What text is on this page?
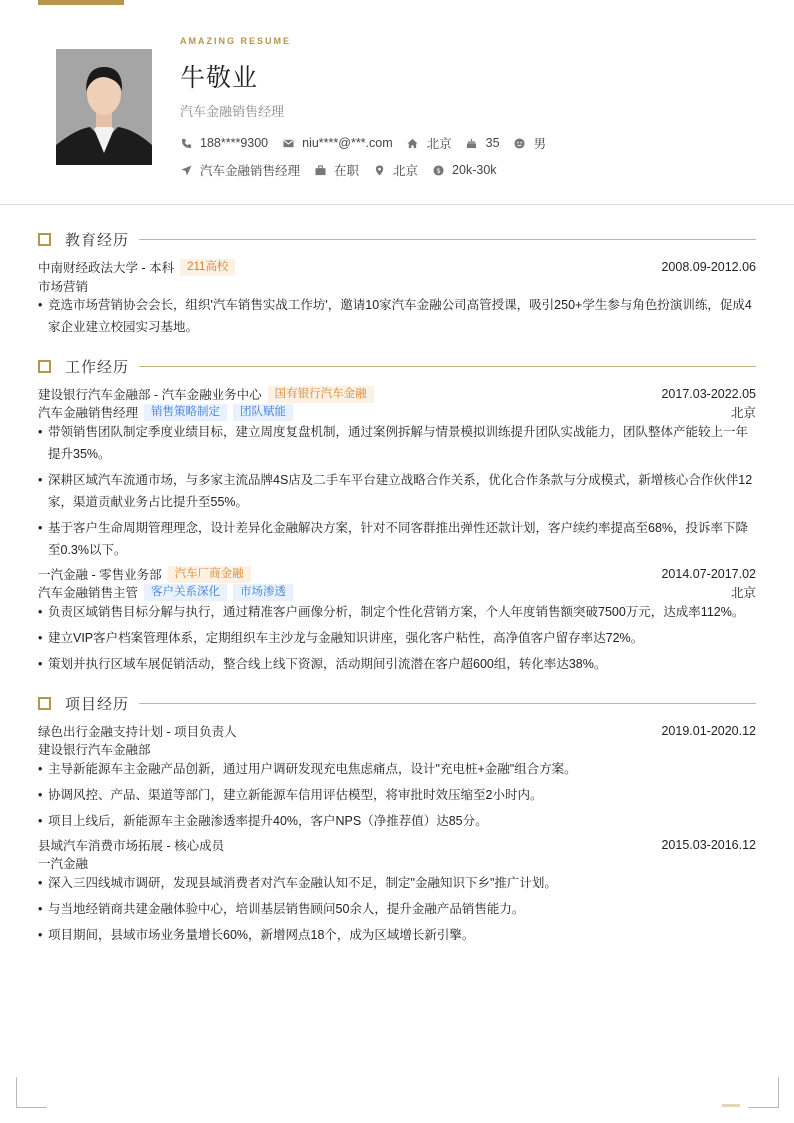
AMAZING RESUME
牛敬业
汽车金融销售经理
188****9300	niu****@***.com	北京	35	男
汽车金融销售经理	在职	北京 $ 20k-30k
教育经历
中南财经政法大学 - 本科	211高校	2008.09-2012.06
市场营销
• 竞选市场营销协会会长，组织'汽车销售实战工作坊'，邀请10家汽车金融公司高管授课，吸引250+学生参与角色扮演训练，促成4家企业建立校园实习基地。
工作经历
建设银行汽车金融部 - 汽车金融业务中心	国有银行汽车金融	2017.03-2022.05
汽车金融销售经理	销售策略制定	团队赋能	北京
• 带领销售团队制定季度业绩目标，建立周度复盘机制，通过案例拆解与情景模拟训练提升团队实战能力，团队整体产能较上一年提升35%。
• 深耕区域汽车流通市场，与多家主流品牌4S店及二手车平台建立战略合作关系，优化合作条款与分成模式，新增核心合作伙伴12家，渠道贡献业务占比提升至55%。
• 基于客户生命周期管理理念，设计差异化金融解决方案，针对不同客群推出弹性还款计划，客户续约率提高至68%，投诉率下降至0.3%以下。
一汽金融 - 零售业务部	汽车厂商金融	2014.07-2017.02
汽车金融销售主管	客户关系深化	市场渗透	北京
• 负责区域销售目标分解与执行，通过精准客户画像分析，制定个性化营销方案，个人年度销售额突破7500万元，达成率112%。
• 建立VIP客户档案管理体系，定期组织车主沙龙与金融知识讲座，强化客户粘性，高净值客户留存率达72%。
• 策划并执行区域车展促销活动，整合线上线下资源，活动期间引流潜在客户超600组，转化率达38%。
项目经历
绿色出行金融支持计划 - 项目负责人	2019.01-2020.12
建设银行汽车金融部
• 主导新能源车主金融产品创新，通过用户调研发现充电焦虑痛点，设计"充电桩+金融"组合方案。
• 协调风控、产品、渠道等部门，建立新能源车信用评估模型，将审批时效压缩至2小时内。
• 项目上线后，新能源车主金融渗透率提升40%，客户NPS（净推荐值）达85分。
县域汽车消费市场拓展 - 核心成员	2015.03-2016.12
一汽金融
• 深入三四线城市调研，发现县域消费者对汽车金融认知不足，制定"金融知识下乡"推广计划。
• 与当地经销商共建金融体验中心，培训基层销售顾问50余人，提升金融产品销售能力。
• 项目期间，县域市场业务量增长60%，新增网点18个，成为区域增长新引擎。
